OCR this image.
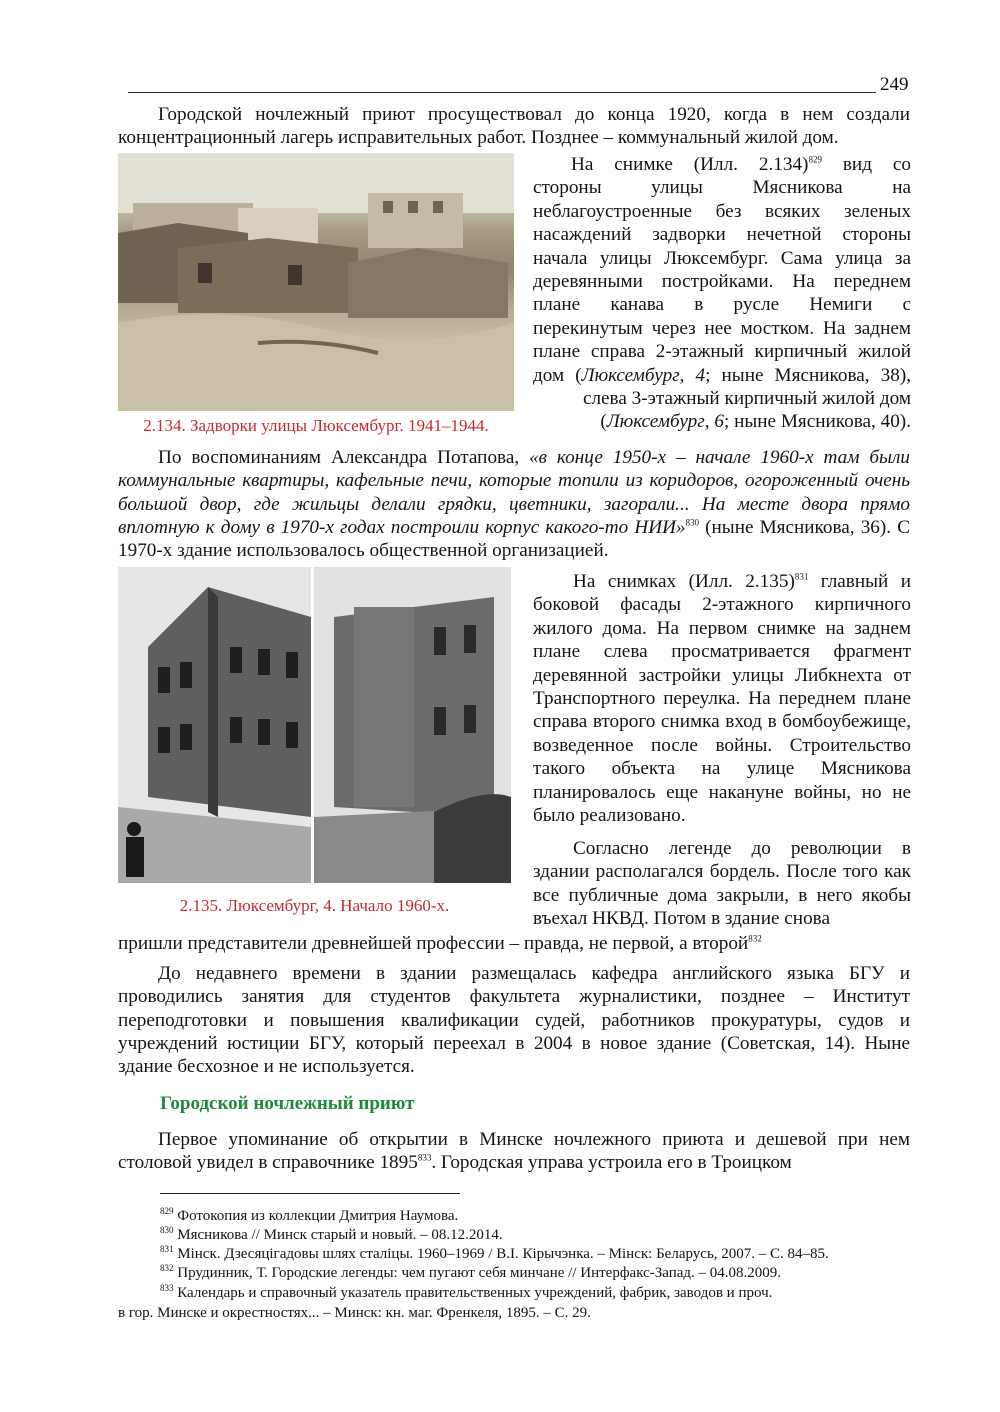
249

Городской ночлежный приют просуществовал до конца 1920, когда в нем создали концентрационный лагерь исправительных работ. Позднее – коммунальный жилой дом.

2.134. Задворки улицы Люксембург. 1941–1944.
На снимке (Илл. 2.134)$^{829}$ вид со
стороны улицы Мясникова на
неблагоустроенные без всяких зеленых
насаждений задворки нечетной стороны
начала улицы Люксембург. Сама улица за
деревянными постройками. На переднем
плане канава в русле Немиги с
перекинутым через нее мостком. На заднем
плане справа 2-этажный кирпичный жилой
дом (Люксембург, 4; ныне Мясникова, 38),
слева 3-этажный кирпичный жилой дом
(Люксембург, 6; ныне Мясникова, 40).

По воспоминаниям Александра Потапова, «в конце 1950-х – начале 1960-х там были коммунальные квартиры, кафельные печи, которые топили из коридоров, огороженный очень большой двор, где жильцы делали грядки, цветники, загорали... На месте двора прямо вплотную к дому в 1970-х годах построили корпус какого-то НИИ»$^{830}$ (ныне Мясникова, 36). С 1970-х здание использовалось общественной организацией.

2.135. Люксембург, 4. Начало 1960-х.

На снимках (Илл. 2.135)$^{831}$ главный и боковой фасады 2-этажного кирпичного жилого дома. На первом снимке на заднем плане слева просматривается фрагмент деревянной застройки улицы Либкнехта от Транспортного переулка. На переднем плане справа второго снимка вход в бомбоубежище, возведенное после войны. Строительство такого объекта на улице Мясникова планировалось еще накануне войны, но не было реализовано.

Согласно легенде до революции в здании располагался бордель. После того как все публичные дома закрыли, в него якобы въехал НКВД. Потом в здание снова

пришли представители древнейшей профессии – правда, не первой, а второй$^{832}$

До недавнего времени в здании размещалась кафедра английского языка БГУ и проводились занятия для студентов факультета журналистики, позднее – Институт переподготовки и повышения квалификации судей, работников прокуратуры, судов и учреждений юстиции БГУ, который переехал в 2004 в новое здание (Советская, 14). Ныне здание бесхозное и не используется.

Городской ночлежный приют

Первое упоминание об открытии в Минске ночлежного приюта и дешевой при нем столовой увидел в справочнике 1895$^{833}$. Городская управа устроила его в Троицком

$^{829}$ Фотокопия из коллекции Дмитрия Наумова.
$^{830}$ Мясникова // Минск старый и новый. – 08.12.2014.
$^{831}$ Мінск. Дзесяцігадовы шлях сталіцы. 1960–1969 / В.І. Кірычэнка. – Мінск: Беларусь, 2007. – С. 84–85.
$^{832}$ Прудинник, Т. Городские легенды: чем пугают себя минчане // Интерфакс-Запад. – 04.08.2009.
$^{833}$ Календарь и справочный указатель правительственных учреждений, фабрик, заводов и проч.
в гор. Минске и окрестностях... – Минск: кн. маг. Френкеля, 1895. – С. 29.
